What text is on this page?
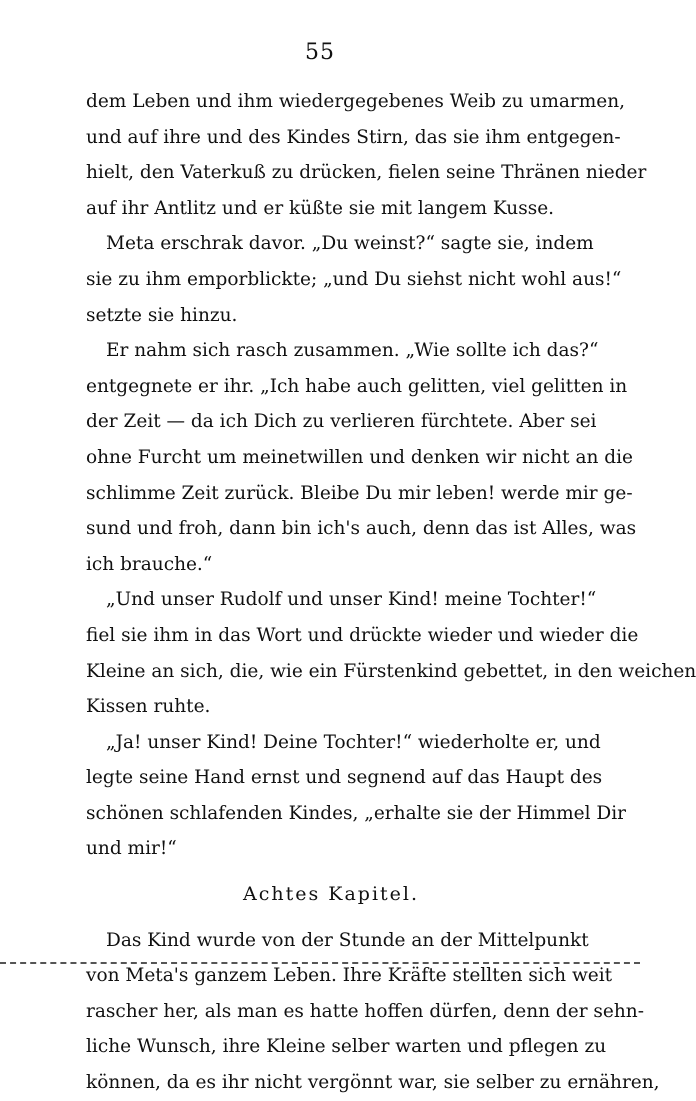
55
dem Leben und ihm wiedergegebenes Weib zu umarmen,
und auf ihre und des Kindes Stirn, das sie ihm entgegen-
hielt, den Vaterkuß zu drücken, fielen seine Thränen nieder
auf ihr Antlitz und er küßte sie mit langem Kusse.
Meta erschrak davor. „Du weinst?“ sagte sie, indem
sie zu ihm emporblickte; „und Du siehst nicht wohl aus!“
setzte sie hinzu.
Er nahm sich rasch zusammen. „Wie sollte ich das?“
entgegnete er ihr. „Ich habe auch gelitten, viel gelitten in
der Zeit — da ich Dich zu verlieren fürchtete. Aber sei
ohne Furcht um meinetwillen und denken wir nicht an die
schlimme Zeit zurück. Bleibe Du mir leben! werde mir ge-
sund und froh, dann bin ich's auch, denn das ist Alles, was
ich brauche.“
„Und unser Rudolf und unser Kind! meine Tochter!“
fiel sie ihm in das Wort und drückte wieder und wieder die
Kleine an sich, die, wie ein Fürstenkind gebettet, in den weichen
Kissen ruhte.
„Ja! unser Kind! Deine Tochter!“ wiederholte er, und
legte seine Hand ernst und segnend auf das Haupt des
schönen schlafenden Kindes, „erhalte sie der Himmel Dir
und mir!“
Achtes Kapitel.
Das Kind wurde von der Stunde an der Mittelpunkt
von Meta's ganzem Leben. Ihre Kräfte stellten sich weit
rascher her, als man es hatte hoffen dürfen, denn der sehn-
liche Wunsch, ihre Kleine selber warten und pflegen zu
können, da es ihr nicht vergönnt war, sie selber zu ernähren,
